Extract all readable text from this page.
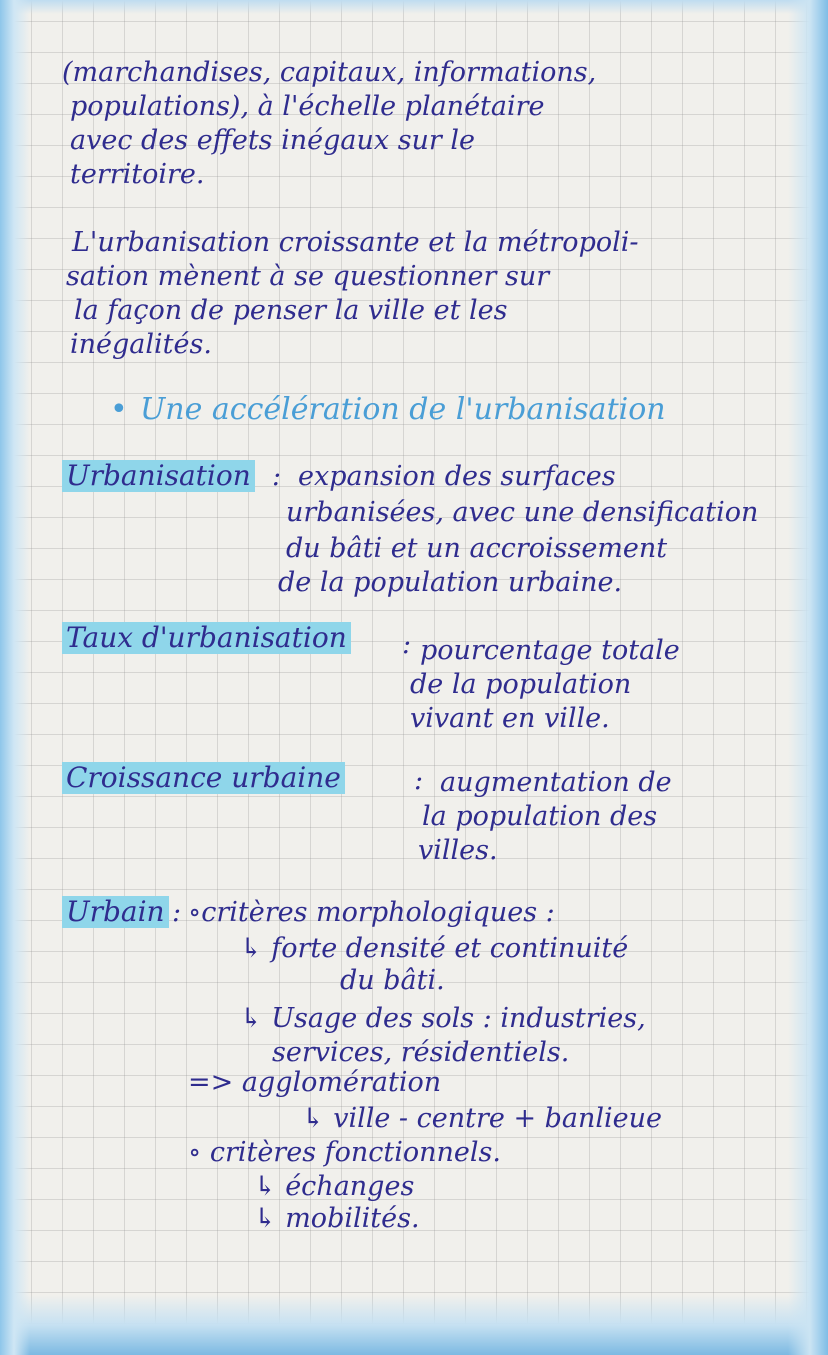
(marchandises, capitaux, informations,
populations), à l'échelle planétaire
avec des effets inégaux sur le
territoire.
L'urbanisation croissante et la métropoli-
sation mènent à se questionner sur
la façon de penser la ville et les
inégalités.
• Une accélération de l'urbanisation
Urbanisation : expansion des surfaces
urbanisées, avec une densification
du bâti et un accroissement
de la population urbaine.
Taux d'urbanisation : pourcentage totale
de la population
vivant en ville.
Croissance urbaine	: augmentation de
la population des
villes.
Urbain : ∘critères morphologiques :
↳ forte densité et continuité
du bâti.
↳ Usage des sols : industries,
services, résidentiels.
=> agglomération
↳ ville - centre + banlieue
∘ critères fonctionnels.
↳ échanges
↳ mobilités.
